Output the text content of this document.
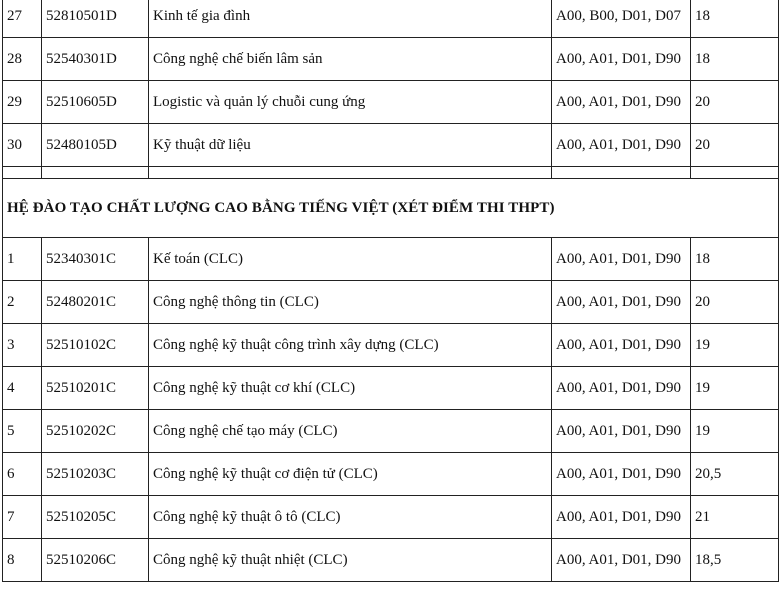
27	52810501D	Kinh tế gia đình	A00, B00, D01, D07	18
28	52540301D	Công nghệ chế biến lâm sản	A00, A01, D01, D90	18
29	52510605D	Logistic và quản lý chuỗi cung ứng	A00, A01, D01, D90	20
30	52480105D	Kỹ thuật dữ liệu	A00, A01, D01, D90	20

HỆ ĐÀO TẠO CHẤT LƯỢNG CAO BẰNG TIẾNG VIỆT (XÉT ĐIỂM THI THPT)				
1	52340301C	Kế toán (CLC)	A00, A01, D01, D90	18
2	52480201C	Công nghệ thông tin (CLC)	A00, A01, D01, D90	20
3	52510102C	Công nghệ kỹ thuật công trình xây dựng (CLC)	A00, A01, D01, D90	19
4	52510201C	Công nghệ kỹ thuật cơ khí (CLC)	A00, A01, D01, D90	19
5	52510202C	Công nghệ chế tạo máy (CLC)	A00, A01, D01, D90	19
6	52510203C	Công nghệ kỹ thuật cơ điện tử (CLC)	A00, A01, D01, D90	20,5
7	52510205C	Công nghệ kỹ thuật ô tô (CLC)	A00, A01, D01, D90	21
8	52510206C	Công nghệ kỹ thuật nhiệt (CLC)	A00, A01, D01, D90	18,5
